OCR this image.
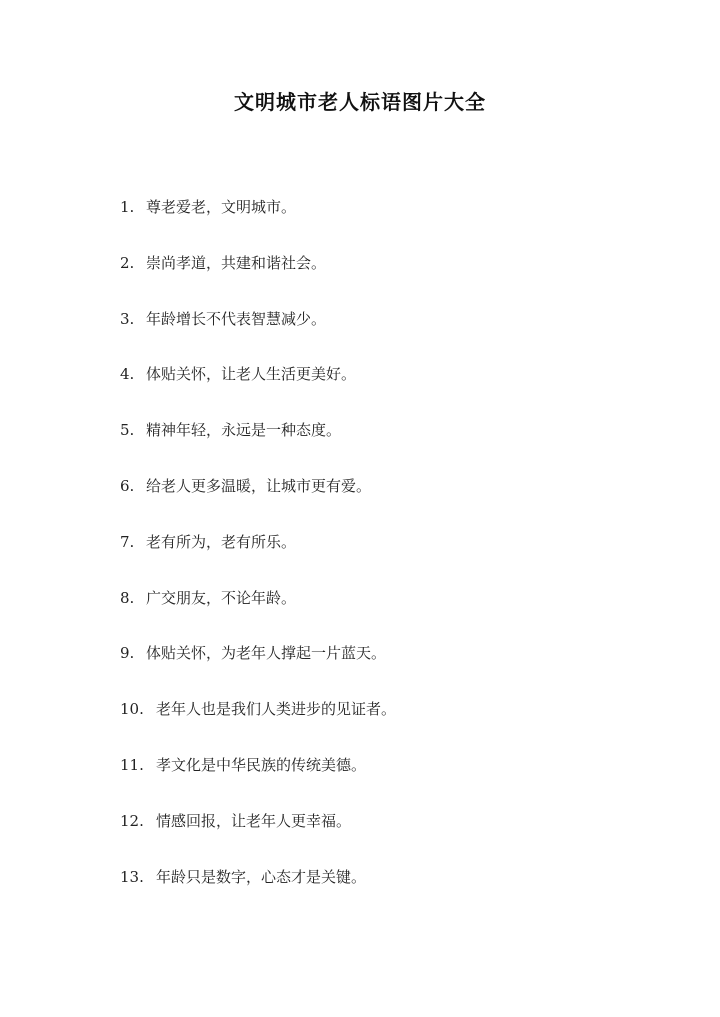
文明城市老人标语图片大全
1. 尊老爱老，文明城市。
2. 崇尚孝道，共建和谐社会。
3. 年龄增长不代表智慧减少。
4. 体贴关怀，让老人生活更美好。
5. 精神年轻，永远是一种态度。
6. 给老人更多温暖，让城市更有爱。
7. 老有所为，老有所乐。
8. 广交朋友，不论年龄。
9. 体贴关怀，为老年人撑起一片蓝天。
10. 老年人也是我们人类进步的见证者。
11. 孝文化是中华民族的传统美德。
12. 情感回报，让老年人更幸福。
13. 年龄只是数字，心态才是关键。
